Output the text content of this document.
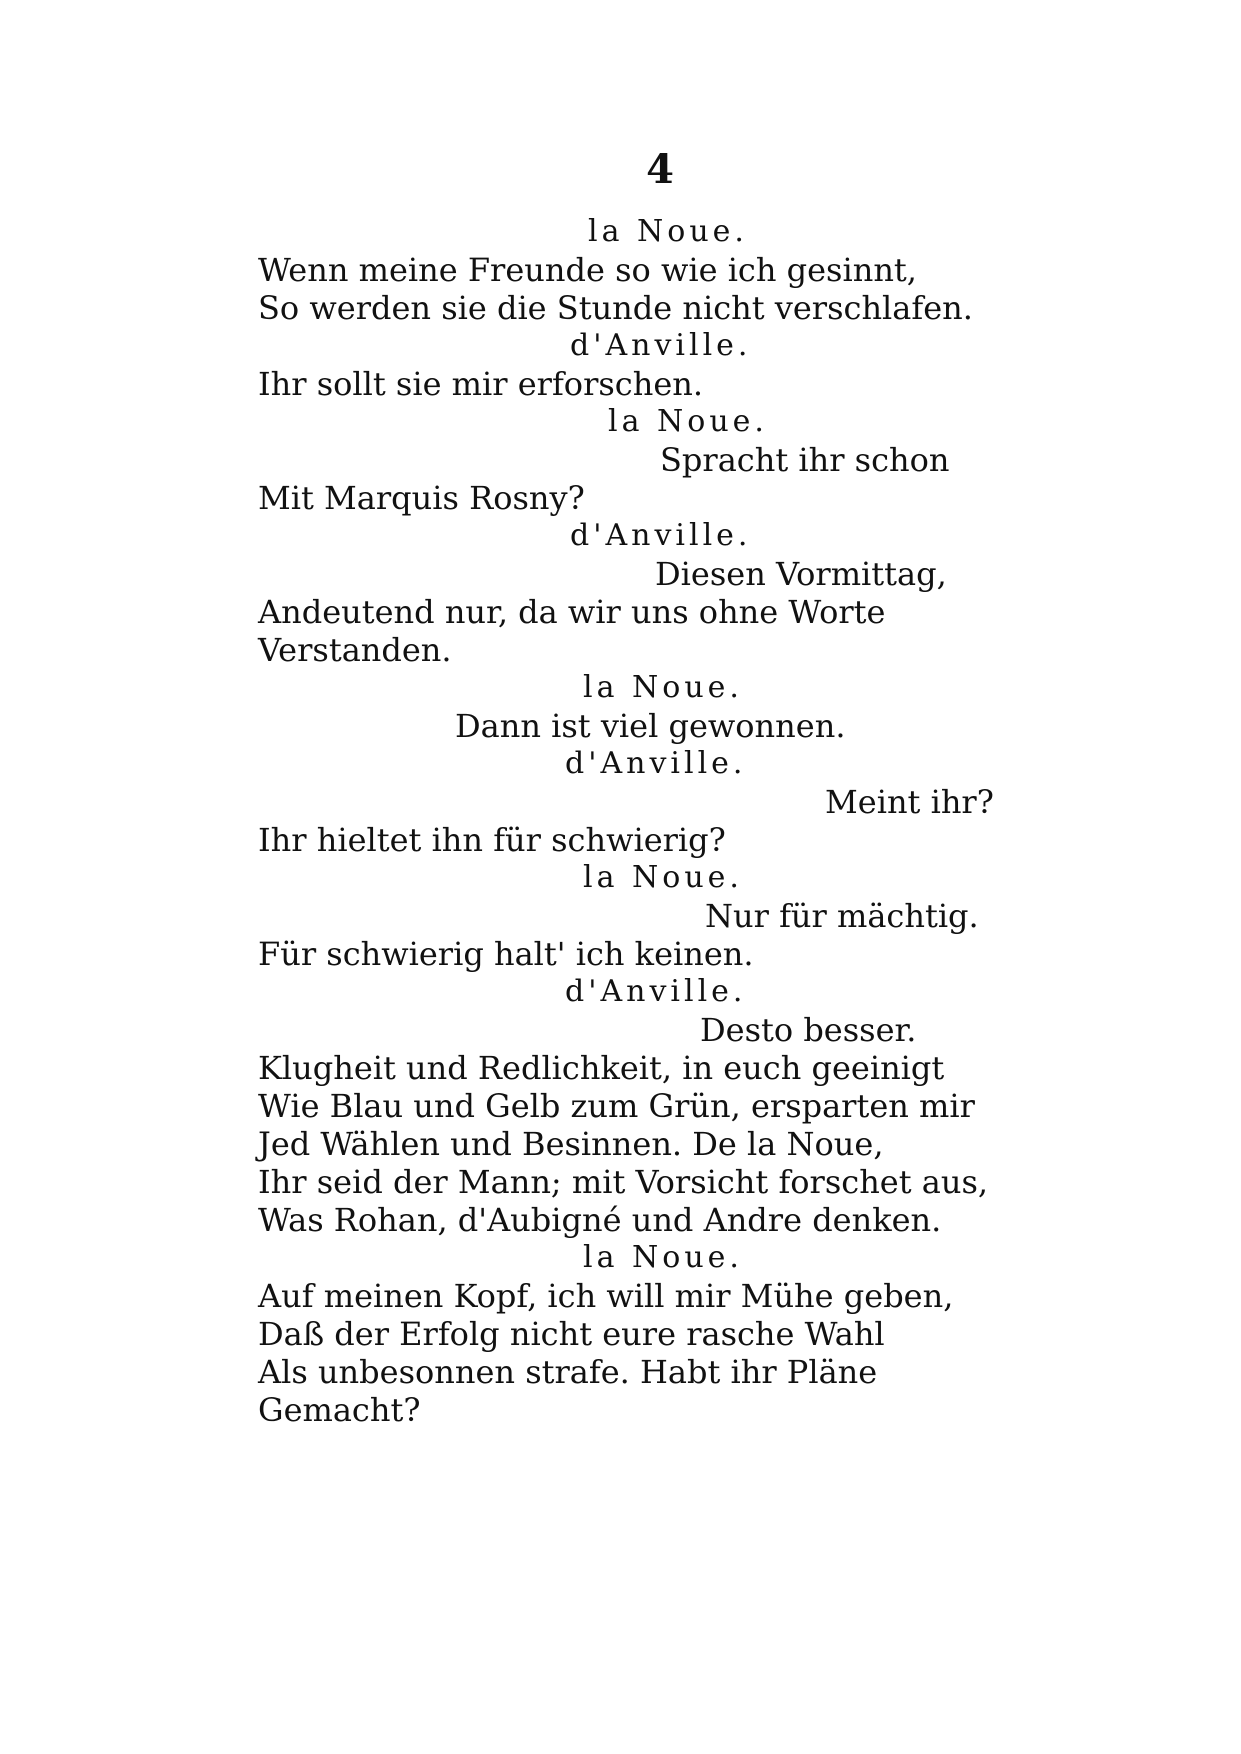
4
la Noue.
Wenn meine Freunde so wie ich gesinnt,
So werden sie die Stunde nicht verschlafen.
d'Anville.
Ihr sollt sie mir erforschen.
la Noue.
Spracht ihr schon
Mit Marquis Rosny?
d'Anville.
Diesen Vormittag,
Andeutend nur, da wir uns ohne Worte
Verstanden.
la Noue.
Dann ist viel gewonnen.
d'Anville.
Meint ihr?
Ihr hieltet ihn für schwierig?
la Noue.
Nur für mächtig.
Für schwierig halt' ich keinen.
d'Anville.
Desto besser.
Klugheit und Redlichkeit, in euch geeinigt
Wie Blau und Gelb zum Grün, ersparten mir
Jed Wählen und Besinnen. De la Noue,
Ihr seid der Mann; mit Vorsicht forschet aus,
Was Rohan, d'Aubigné und Andre denken.
la Noue.
Auf meinen Kopf, ich will mir Mühe geben,
Daß der Erfolg nicht eure rasche Wahl
Als unbesonnen strafe. Habt ihr Pläne
Gemacht?
